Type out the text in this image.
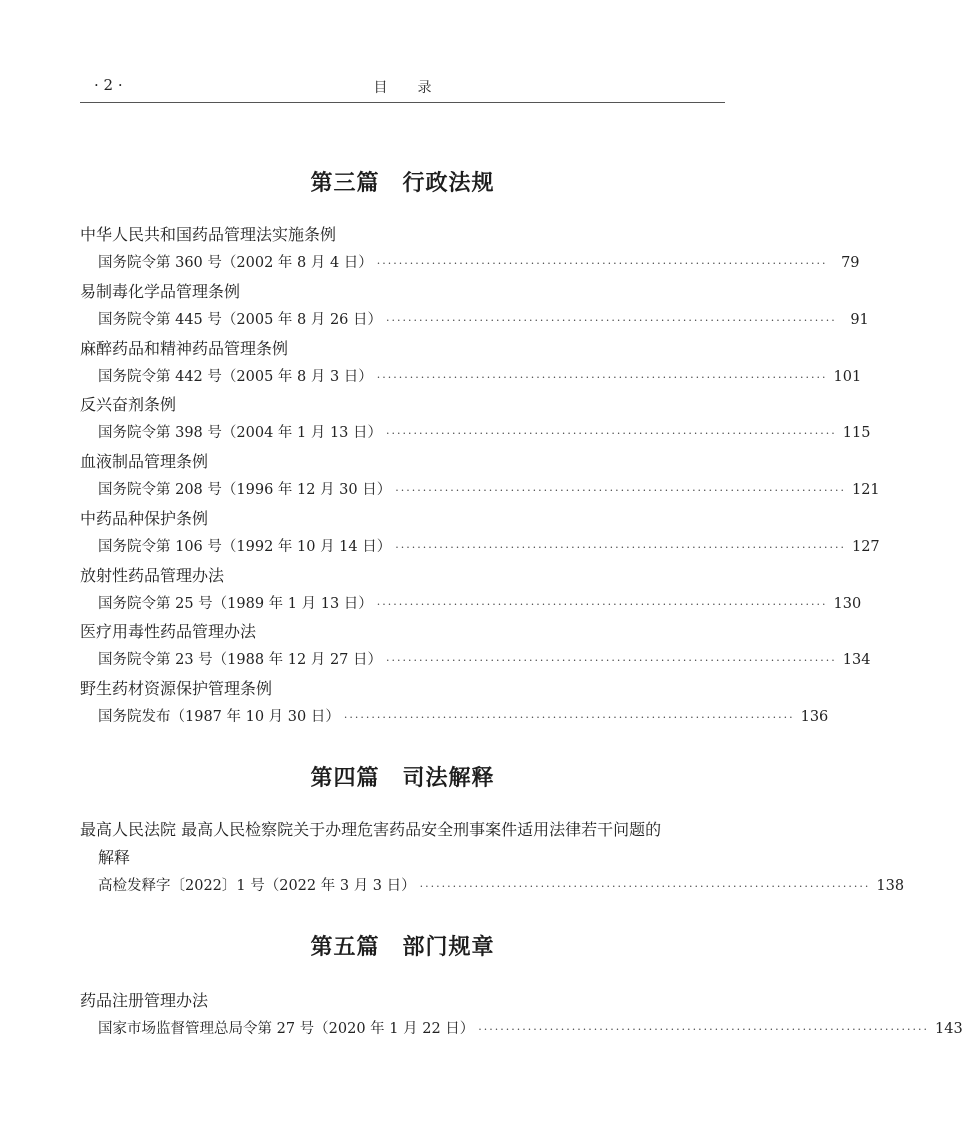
· 2 ·	目录
第三篇　行政法规
中华人民共和国药品管理法实施条例
国务院令第 360 号（2002 年 8 月 4 日） ·················································································· 79
易制毒化学品管理条例
国务院令第 445 号（2005 年 8 月 26 日） ·················································································· 91
麻醉药品和精神药品管理条例
国务院令第 442 号（2005 年 8 月 3 日） ·················································································· 101
反兴奋剂条例
国务院令第 398 号（2004 年 1 月 13 日） ·················································································· 115
血液制品管理条例
国务院令第 208 号（1996 年 12 月 30 日） ·················································································· 121
中药品种保护条例
国务院令第 106 号（1992 年 10 月 14 日） ·················································································· 127
放射性药品管理办法
国务院令第 25 号（1989 年 1 月 13 日） ·················································································· 130
医疗用毒性药品管理办法
国务院令第 23 号（1988 年 12 月 27 日） ·················································································· 134
野生药材资源保护管理条例
国务院发布（1987 年 10 月 30 日） ·················································································· 136
第四篇　司法解释
最高人民法院 最高人民检察院关于办理危害药品安全刑事案件适用法律若干问题的
解释
高检发释字〔2022〕1 号（2022 年 3 月 3 日） ·················································································· 138
第五篇　部门规章
药品注册管理办法
国家市场监督管理总局令第 27 号（2020 年 1 月 22 日） ·················································································· 143
